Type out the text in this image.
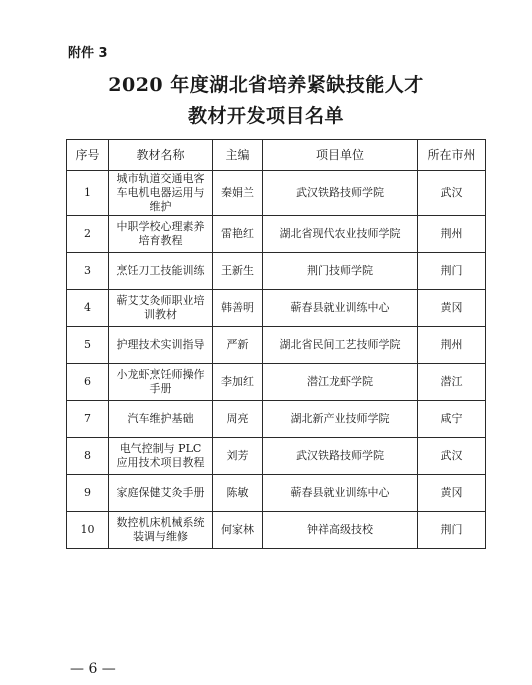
附件 3
2020 年度湖北省培养紧缺技能人才
教材开发项目名单
序号	教材名称	主编	项目单位	所在市州
1	城市轨道交通电客车电机电器运用与维护	秦娟兰	武汉铁路技师学院	武汉
2	中职学校心理素养培育教程	雷艳红	湖北省现代农业技师学院	荆州
3	烹饪刀工技能训练	王新生	荆门技师学院	荆门
4	蕲艾艾灸师职业培训教材	韩善明	蕲春县就业训练中心	黄冈
5	护理技术实训指导	严新	湖北省民间工艺技师学院	荆州
6	小龙虾烹饪师操作手册	李加红	潜江龙虾学院	潜江
7	汽车维护基础	周亮	湖北新产业技师学院	咸宁
8	电气控制与 PLC 应用技术项目教程	刘芳	武汉铁路技师学院	武汉
9	家庭保健艾灸手册	陈敏	蕲春县就业训练中心	黄冈
10	数控机床机械系统装调与维修	何家林	钟祥高级技校	荆门
— 6 —
